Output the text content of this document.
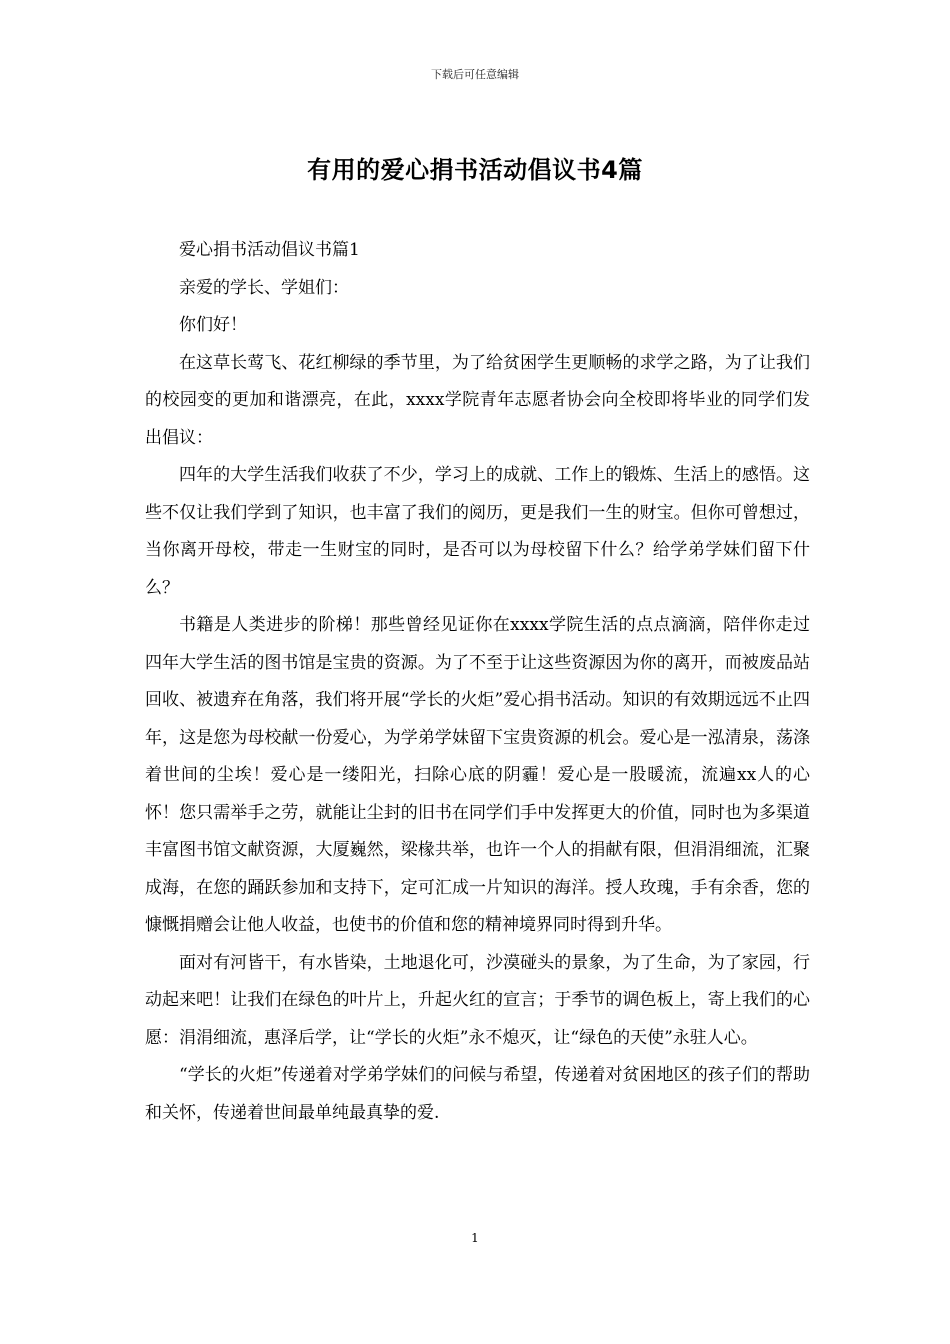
下载后可任意编辑
有用的爱心捐书活动倡议书4篇

爱心捐书活动倡议书篇1

亲爱的学长、学姐们：

你们好！

在这草长莺飞、花红柳绿的季节里，为了给贫困学生更顺畅的求学之路，为了让我们的校园变的更加和谐漂亮，在此，xxxx学院青年志愿者协会向全校即将毕业的同学们发出倡议：

四年的大学生活我们收获了不少，学习上的成就、工作上的锻炼、生活上的感悟。这些不仅让我们学到了知识，也丰富了我们的阅历，更是我们一生的财宝。但你可曾想过，当你离开母校，带走一生财宝的同时，是否可以为母校留下什么？给学弟学妹们留下什么？

书籍是人类进步的阶梯！那些曾经见证你在xxxx学院生活的点点滴滴，陪伴你走过四年大学生活的图书馆是宝贵的资源。为了不至于让这些资源因为你的离开，而被废品站回收、被遗弃在角落，我们将开展“学长的火炬”爱心捐书活动。知识的有效期远远不止四年，这是您为母校献一份爱心，为学弟学妹留下宝贵资源的机会。爱心是一泓清泉，荡涤着世间的尘埃！爱心是一缕阳光，扫除心底的阴霾！爱心是一股暖流，流遍xx人的心怀！您只需举手之劳，就能让尘封的旧书在同学们手中发挥更大的价值，同时也为多渠道丰富图书馆文献资源，大厦巍然，梁椽共举，也许一个人的捐献有限，但涓涓细流，汇聚成海，在您的踊跃参加和支持下，定可汇成一片知识的海洋。授人玫瑰，手有余香，您的慷慨捐赠会让他人收益，也使书的价值和您的精神境界同时得到升华。

面对有河皆干，有水皆染，土地退化可，沙漠碰头的景象，为了生命，为了家园，行动起来吧！让我们在绿色的叶片上，升起火红的宣言；于季节的调色板上，寄上我们的心愿：涓涓细流，惠泽后学，让“学长的火炬”永不熄灭，让“绿色的天使”永驻人心。

“学长的火炬”传递着对学弟学妹们的问候与希望，传递着对贫困地区的孩子们的帮助和关怀，传递着世间最单纯最真挚的爱.

1
